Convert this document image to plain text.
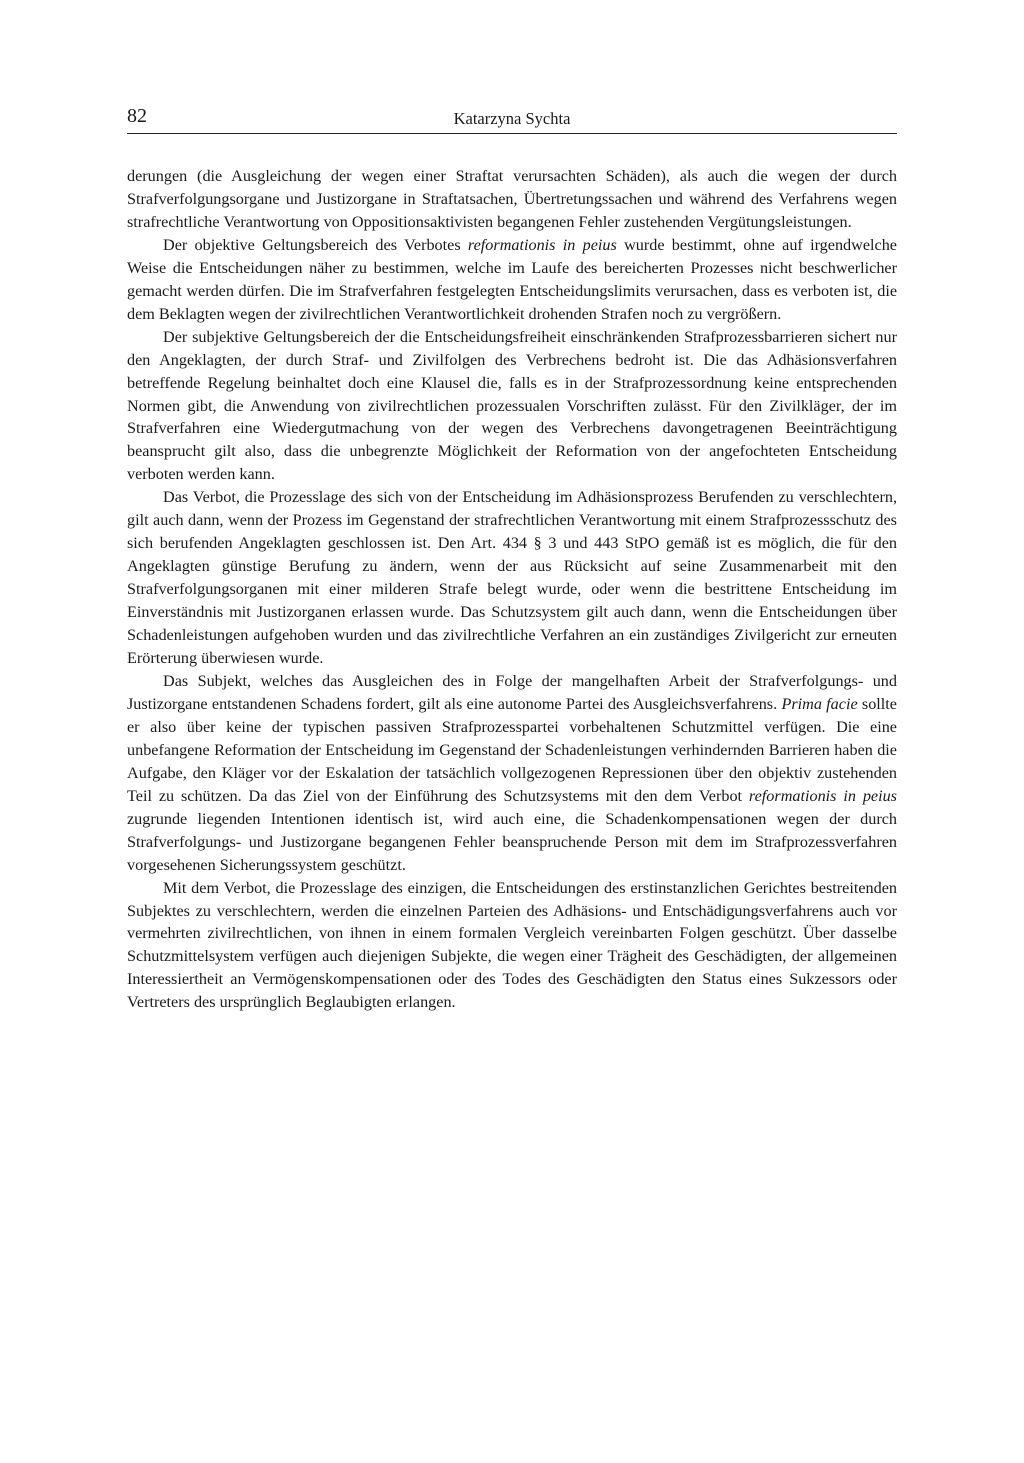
82	Katarzyna Sychta

derungen (die Ausgleichung der wegen einer Straftat verursachten Schäden), als auch die wegen der durch Strafverfolgungsorgane und Justizorgane in Straftatsachen, Übertretungssachen und während des Verfahrens wegen strafrechtliche Verantwortung von Oppositionsaktivisten begangenen Fehler zustehenden Vergütungsleistungen.

Der objektive Geltungsbereich des Verbotes reformationis in peius wurde bestimmt, ohne auf irgendwelche Weise die Entscheidungen näher zu bestimmen, welche im Laufe des bereicherten Prozesses nicht beschwerlicher gemacht werden dürfen. Die im Strafverfahren festgelegten Entscheidungslimits verursachen, dass es verboten ist, die dem Beklagten wegen der zivilrechtlichen Verantwortlichkeit drohenden Strafen noch zu vergrößern.

Der subjektive Geltungsbereich der die Entscheidungsfreiheit einschränkenden Strafprozessbarrieren sichert nur den Angeklagten, der durch Straf- und Zivilfolgen des Verbrechens bedroht ist. Die das Adhäsionsverfahren betreffende Regelung beinhaltet doch eine Klausel die, falls es in der Strafprozessordnung keine entsprechenden Normen gibt, die Anwendung von zivilrechtlichen prozessualen Vorschriften zulässt. Für den Zivilkläger, der im Strafverfahren eine Wiedergutmachung von der wegen des Verbrechens davongetragenen Beeinträchtigung beansprucht gilt also, dass die unbegrenzte Möglichkeit der Reformation von der angefochteten Entscheidung verboten werden kann.

Das Verbot, die Prozesslage des sich von der Entscheidung im Adhäsionsprozess Berufenden zu verschlechtern, gilt auch dann, wenn der Prozess im Gegenstand der strafrechtlichen Verantwortung mit einem Strafprozessschutz des sich berufenden Angeklagten geschlossen ist. Den Art. 434 § 3 und 443 StPO gemäß ist es möglich, die für den Angeklagten günstige Berufung zu ändern, wenn der aus Rücksicht auf seine Zusammenarbeit mit den Strafverfolgungsorganen mit einer milderen Strafe belegt wurde, oder wenn die bestrittene Entscheidung im Einverständnis mit Justizorganen erlassen wurde. Das Schutzsystem gilt auch dann, wenn die Entscheidungen über Schadenleistungen aufgehoben wurden und das zivilrechtliche Verfahren an ein zuständiges Zivilgericht zur erneuten Erörterung überwiesen wurde.

Das Subjekt, welches das Ausgleichen des in Folge der mangelhaften Arbeit der Strafverfolgungs- und Justizorgane entstandenen Schadens fordert, gilt als eine autonome Partei des Ausgleichsverfahrens. Prima facie sollte er also über keine der typischen passiven Strafprozesspartei vorbehaltenen Schutzmittel verfügen. Die eine unbefangene Reformation der Entscheidung im Gegenstand der Schadenleistungen verhindernden Barrieren haben die Aufgabe, den Kläger vor der Eskalation der tatsächlich vollgezogenen Repressionen über den objektiv zustehenden Teil zu schützen. Da das Ziel von der Einführung des Schutzsystems mit den dem Verbot reformationis in peius zugrunde liegenden Intentionen identisch ist, wird auch eine, die Schadenkompensationen wegen der durch Strafverfolgungs- und Justizorgane begangenen Fehler beanspruchende Person mit dem im Strafprozessverfahren vorgesehenen Sicherungssystem geschützt.

Mit dem Verbot, die Prozesslage des einzigen, die Entscheidungen des erstinstanzlichen Gerichtes bestreitenden Subjektes zu verschlechtern, werden die einzelnen Parteien des Adhäsions- und Entschädigungsverfahrens auch vor vermehrten zivilrechtlichen, von ihnen in einem formalen Vergleich vereinbarten Folgen geschützt. Über dasselbe Schutzmittelsystem verfügen auch diejenigen Subjekte, die wegen einer Trägheit des Geschädigten, der allgemeinen Interessiertheit an Vermögenskompensationen oder des Todes des Geschädigten den Status eines Sukzessors oder Vertreters des ursprünglich Beglaubigten erlangen.
